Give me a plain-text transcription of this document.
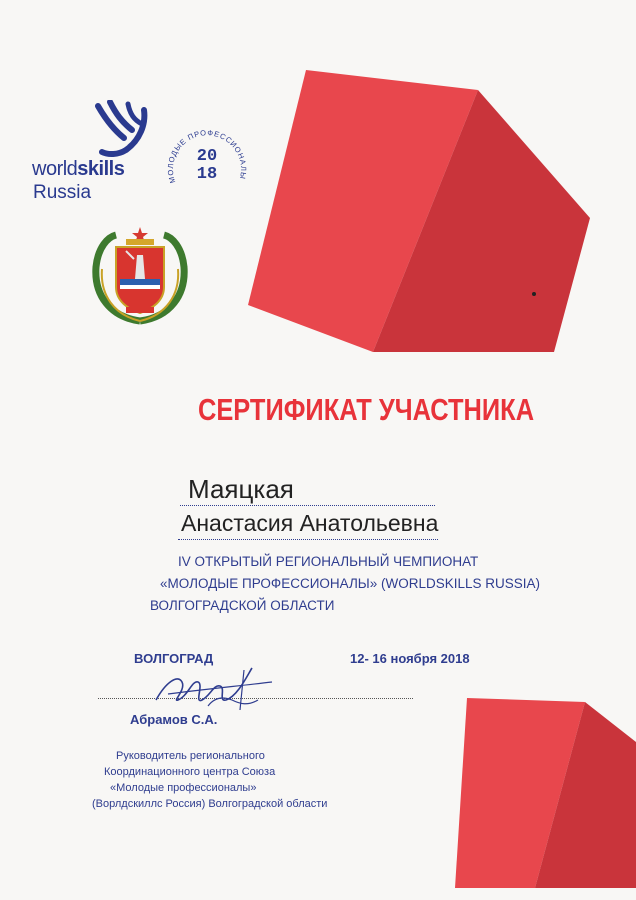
worldskills
Russia
МОЛОДЫЕ ПРОФЕССИОНАЛЫ
20
18
СЕРТИФИКАТ УЧАСТНИКА
Маяцкая
Анастасия Анатольевна
IV ОТКРЫТЫЙ РЕГИОНАЛЬНЫЙ ЧЕМПИОНАТ
«МОЛОДЫЕ ПРОФЕССИОНАЛЫ» (WORLDSKILLS RUSSIA)
ВОЛГОГРАДСКОЙ ОБЛАСТИ
ВОЛГОГРАД	12- 16 ноября 2018
Абрамов С.А.
Руководитель регионального
Координационного центра Союза
«Молодые профессионалы»
(Ворлдскиллс Россия) Волгоградской области
